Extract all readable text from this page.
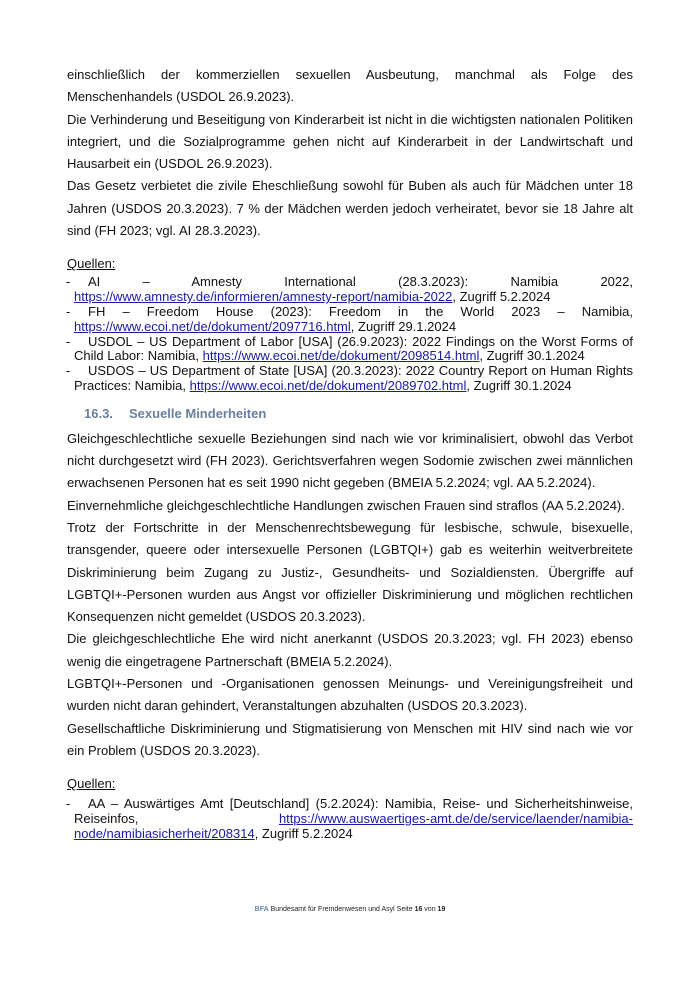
einschließlich der kommerziellen sexuellen Ausbeutung, manchmal als Folge des Menschenhandels (USDOL 26.9.2023).

Die Verhinderung und Beseitigung von Kinderarbeit ist nicht in die wichtigsten nationalen Politiken integriert, und die Sozialprogramme gehen nicht auf Kinderarbeit in der Landwirtschaft und Hausarbeit ein (USDOL 26.9.2023).

Das Gesetz verbietet die zivile Eheschließung sowohl für Buben als auch für Mädchen unter 18 Jahren (USDOS 20.3.2023). 7 % der Mädchen werden jedoch verheiratet, bevor sie 18 Jahre alt sind (FH 2023; vgl. AI 28.3.2023).

Quellen:
- AI – Amnesty International (28.3.2023): Namibia 2022, https://www.amnesty.de/informieren/amnesty-report/namibia-2022, Zugriff 5.2.2024
- FH – Freedom House (2023): Freedom in the World 2023 – Namibia, https://www.ecoi.net/de/dokument/2097716.html, Zugriff 29.1.2024
- USDOL – US Department of Labor [USA] (26.9.2023): 2022 Findings on the Worst Forms of Child Labor: Namibia, https://www.ecoi.net/de/dokument/2098514.html, Zugriff 30.1.2024
- USDOS – US Department of State [USA] (20.3.2023): 2022 Country Report on Human Rights Practices: Namibia, https://www.ecoi.net/de/dokument/2089702.html, Zugriff 30.1.2024
16.3. Sexuelle Minderheiten

Gleichgeschlechtliche sexuelle Beziehungen sind nach wie vor kriminalisiert, obwohl das Verbot nicht durchgesetzt wird (FH 2023). Gerichtsverfahren wegen Sodomie zwischen zwei männlichen erwachsenen Personen hat es seit 1990 nicht gegeben (BMEIA 5.2.2024; vgl. AA 5.2.2024).

Einvernehmliche gleichgeschlechtliche Handlungen zwischen Frauen sind straflos (AA 5.2.2024).

Trotz der Fortschritte in der Menschenrechtsbewegung für lesbische, schwule, bisexuelle, transgender, queere oder intersexuelle Personen (LGBTQI+) gab es weiterhin weitverbreitete Diskriminierung beim Zugang zu Justiz-, Gesundheits- und Sozialdiensten. Übergriffe auf LGBTQI+-Personen wurden aus Angst vor offizieller Diskriminierung und möglichen rechtlichen Konsequenzen nicht gemeldet (USDOS 20.3.2023).

Die gleichgeschlechtliche Ehe wird nicht anerkannt (USDOS 20.3.2023; vgl. FH 2023) ebenso wenig die eingetragene Partnerschaft (BMEIA 5.2.2024).

LGBTQI+-Personen und -Organisationen genossen Meinungs- und Vereinigungsfreiheit und wurden nicht daran gehindert, Veranstaltungen abzuhalten (USDOS 20.3.2023).

Gesellschaftliche Diskriminierung und Stigmatisierung von Menschen mit HIV sind nach wie vor ein Problem (USDOS 20.3.2023).

Quellen:
- AA – Auswärtiges Amt [Deutschland] (5.2.2024): Namibia, Reise- und Sicherheitshinweise, Reiseinfos, https://www.auswaertiges-amt.de/de/service/laender/namibia-node/namibiasicherheit/208314, Zugriff 5.2.2024
BFA Bundesamt für Fremdenwesen und Asyl Seite 16 von 19
